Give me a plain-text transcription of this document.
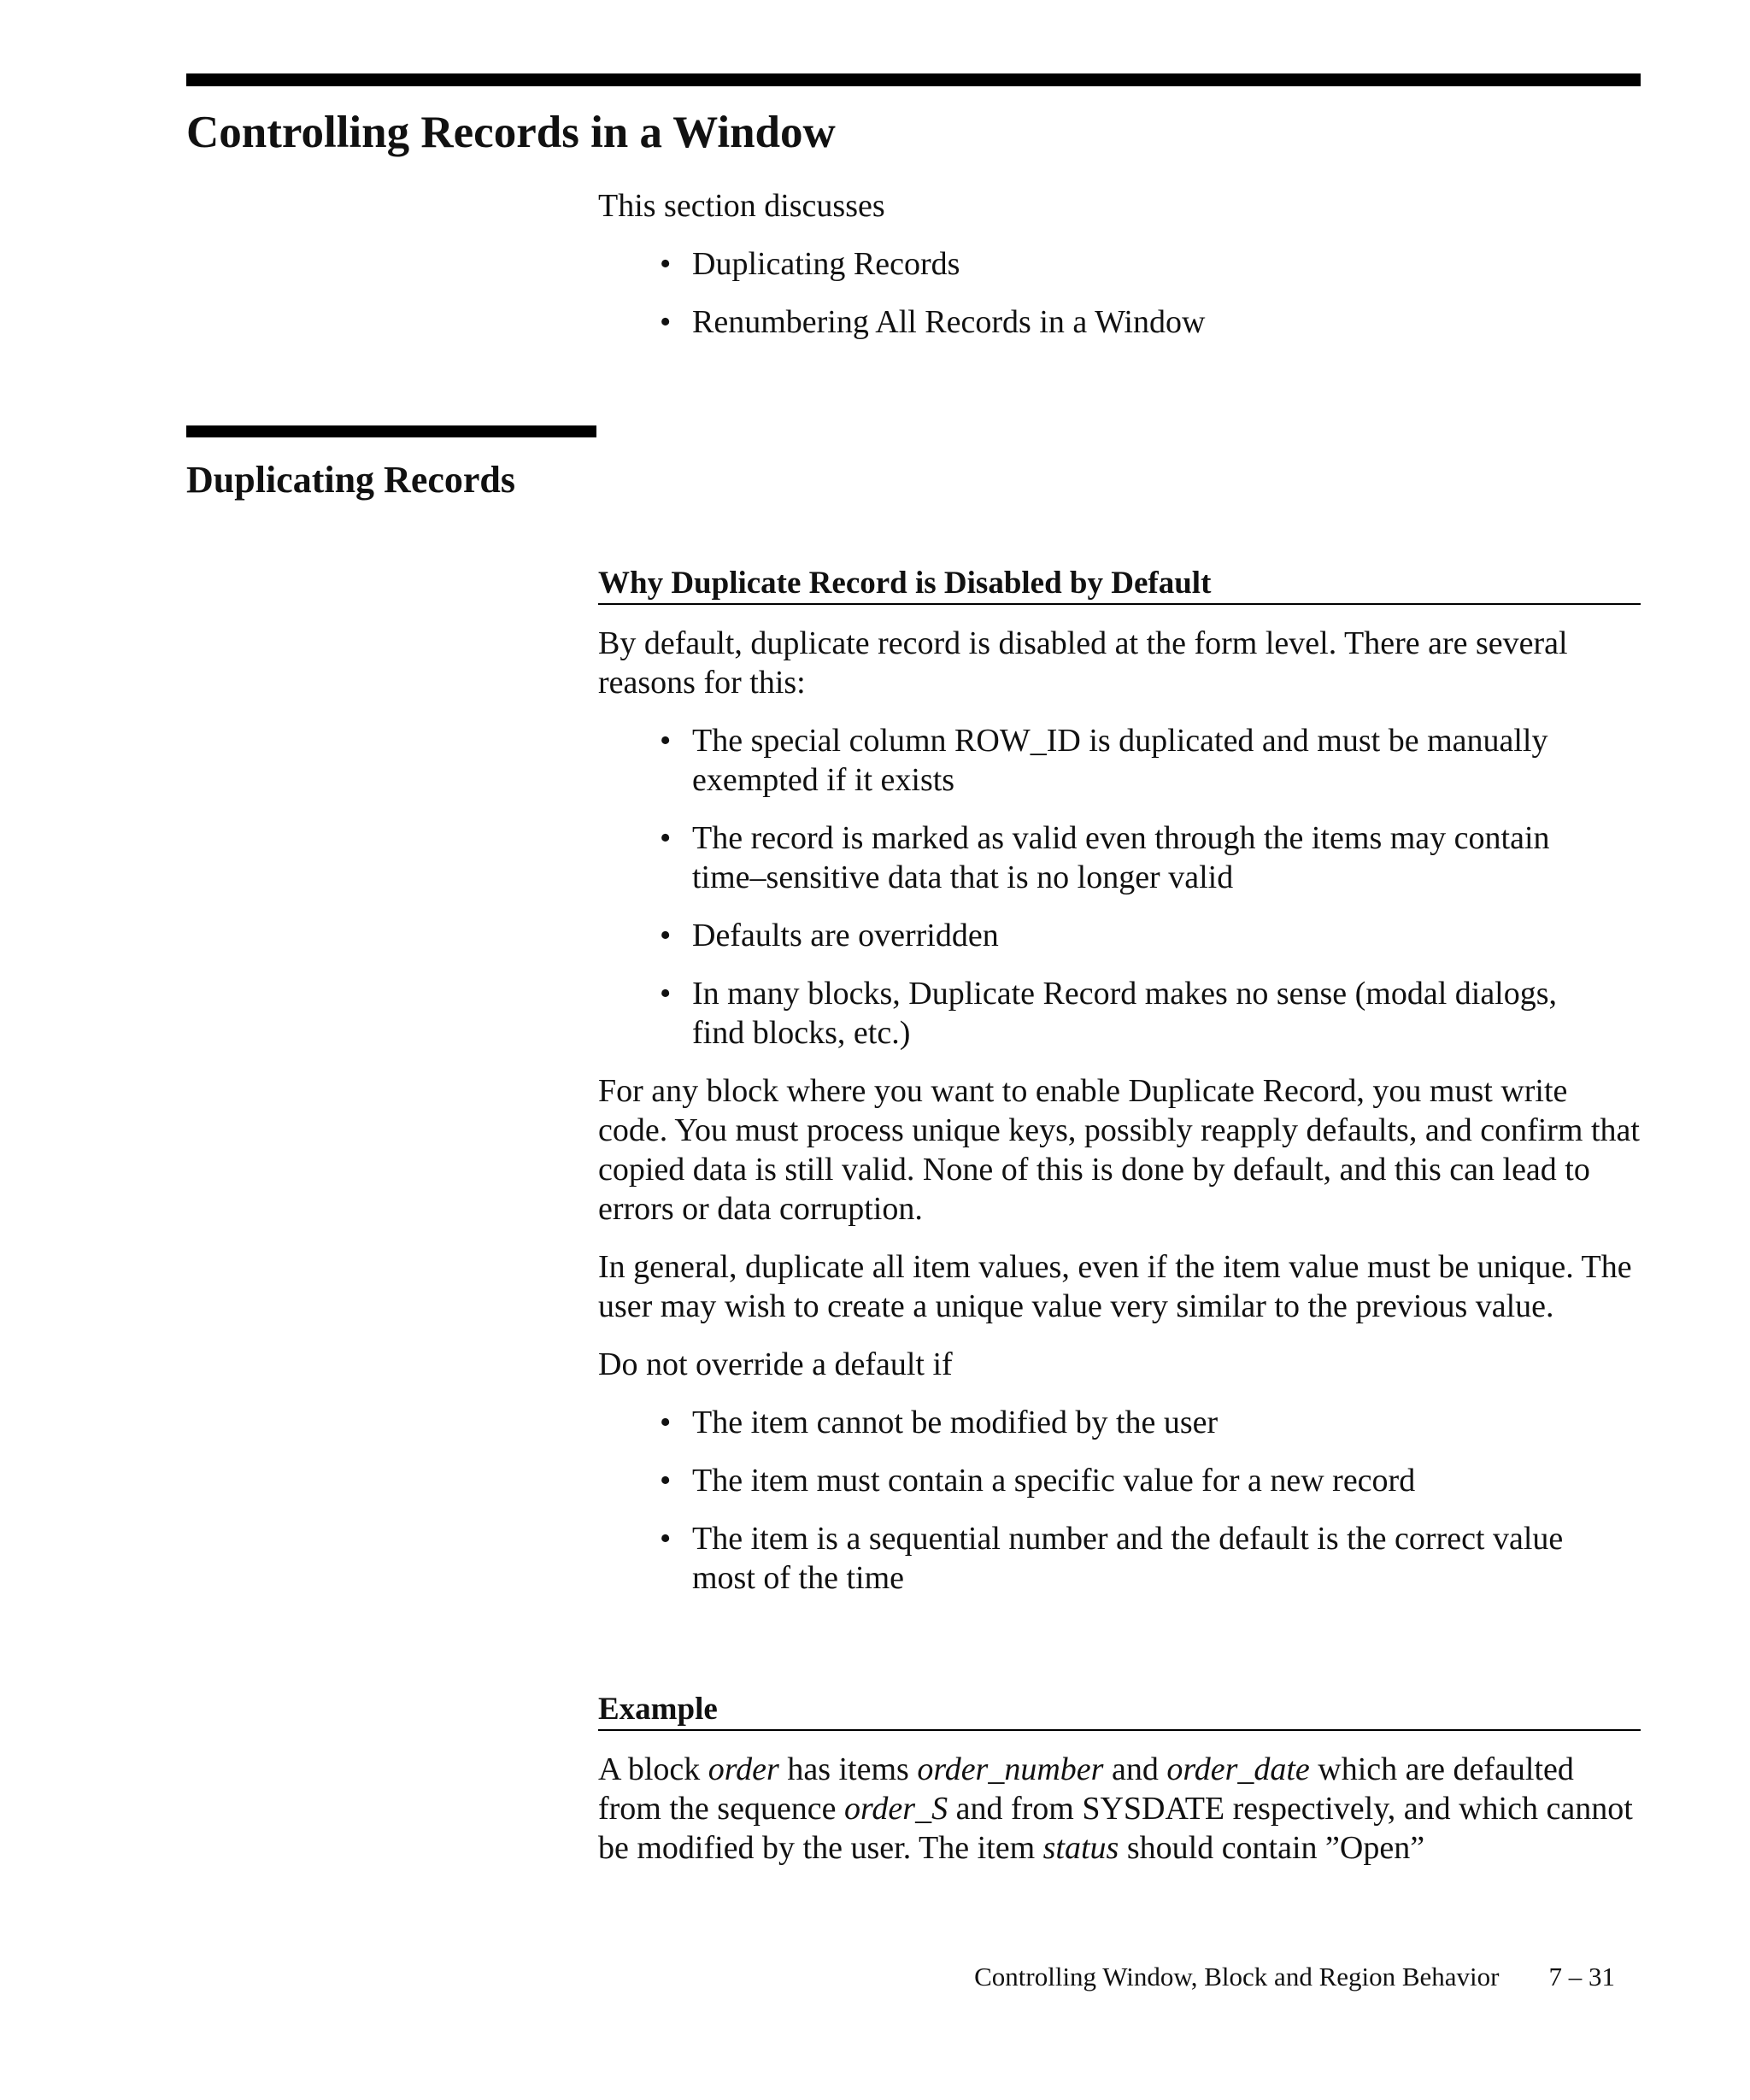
Controlling Records in a Window

This section discusses

• Duplicating Records
• Renumbering All Records in a Window
Duplicating Records
Why Duplicate Record is Disabled by Default

By default, duplicate record is disabled at the form level. There are several reasons for this:

• The special column ROW_ID is duplicated and must be manually exempted if it exists
• The record is marked as valid even through the items may contain time–sensitive data that is no longer valid
• Defaults are overridden
• In many blocks, Duplicate Record makes no sense (modal dialogs, find blocks, etc.)

For any block where you want to enable Duplicate Record, you must write code. You must process unique keys, possibly reapply defaults, and confirm that copied data is still valid. None of this is done by default, and this can lead to errors or data corruption.

In general, duplicate all item values, even if the item value must be unique. The user may wish to create a unique value very similar to the previous value.

Do not override a default if

• The item cannot be modified by the user
• The item must contain a specific value for a new record
• The item is a sequential number and the default is the correct value most of the time
Example

A block order has items order_number and order_date which are defaulted from the sequence order_S and from SYSDATE respectively, and which cannot be modified by the user. The item status should contain ”Open”

Controlling Window, Block and Region Behavior 7 – 31
